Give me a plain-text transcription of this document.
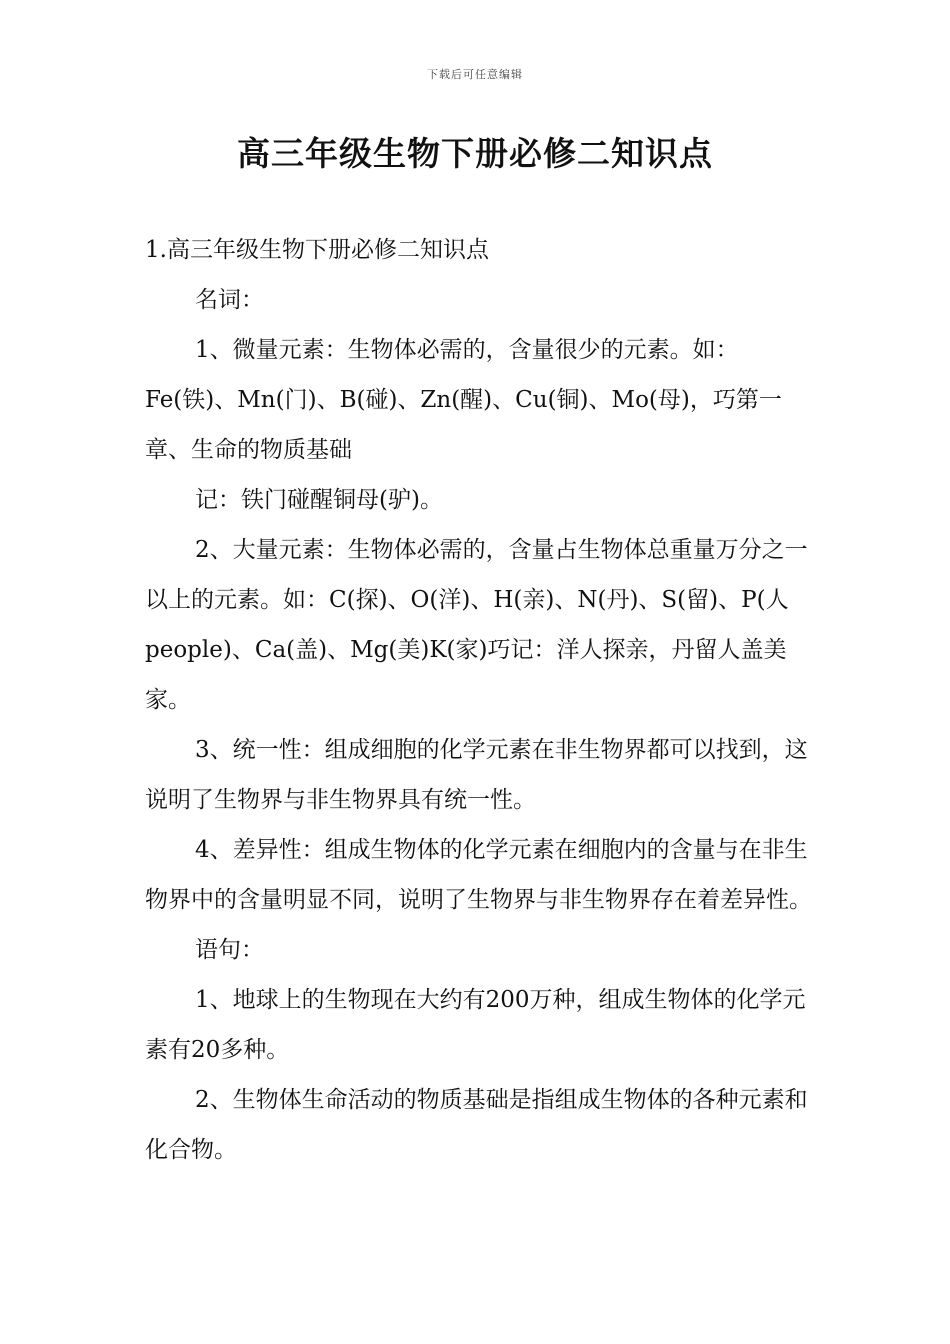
下载后可任意编辑
高三年级生物下册必修二知识点

1.高三年级生物下册必修二知识点

名词：

1、微量元素：生物体必需的，含量很少的元素。如：Fe(铁)、Mn(门)、B(碰)、Zn(醒)、Cu(铜)、Mo(母)，巧第一章、生命的物质基础

记：铁门碰醒铜母(驴)。

2、大量元素：生物体必需的，含量占生物体总重量万分之一以上的元素。如：C(探)、O(洋)、H(亲)、N(丹)、S(留)、P(人people)、Ca(盖)、Mg(美)K(家)巧记：洋人探亲，丹留人盖美家。

3、统一性：组成细胞的化学元素在非生物界都可以找到，这说明了生物界与非生物界具有统一性。

4、差异性：组成生物体的化学元素在细胞内的含量与在非生物界中的含量明显不同，说明了生物界与非生物界存在着差异性。

语句：

1、地球上的生物现在大约有200万种，组成生物体的化学元素有20多种。

2、生物体生命活动的物质基础是指组成生物体的各种元素和化合物。
